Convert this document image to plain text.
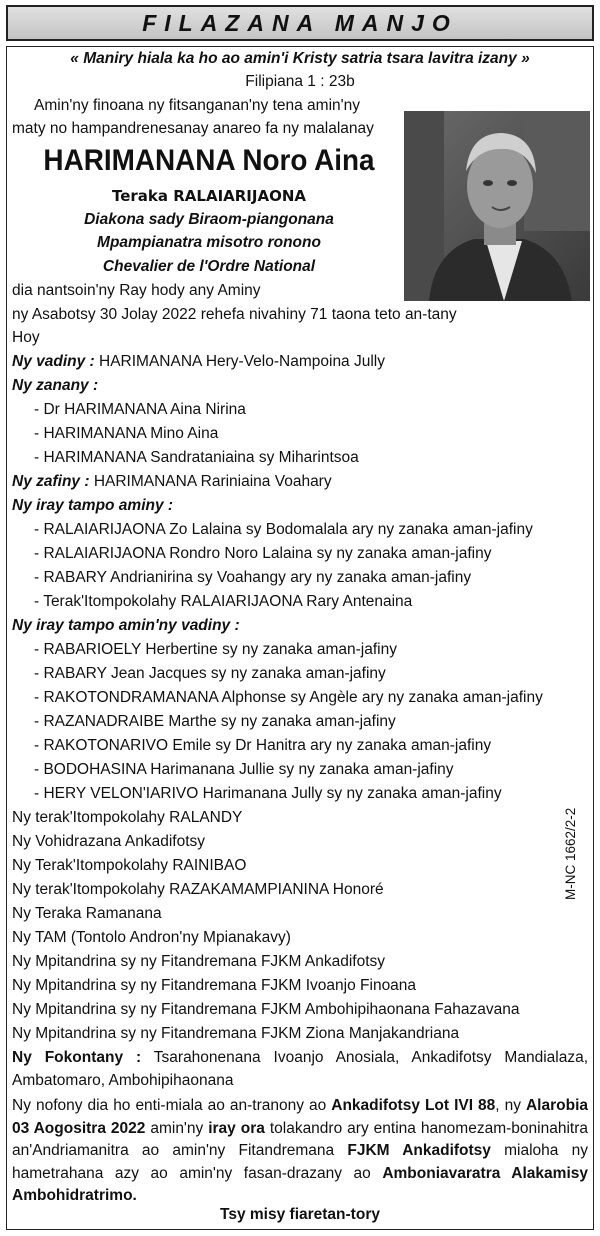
FILAZANA MANJO
« Maniry hiala ka ho ao amin'i Kristy satria tsara lavitra izany »
Filipiana 1 : 23b
Amin'ny finoana ny fitsanganan'ny tena amin'ny
maty no hampandrenesanay anareo fa ny malalanay
HARIMANANA Noro Aina
Teraka RALAIARIJAONA
Diakona sady Biraom-piangonana
Mpampianatra misotro ronono
Chevalier de l'Ordre National
dia nantsoin'ny Ray hody any Aminy
ny Asabotsy 30 Jolay 2022 rehefa nivahiny 71 taona teto an-tany
Hoy
Ny vadiny : HARIMANANA Hery-Velo-Nampoina Jully
Ny zanany :
- Dr HARIMANANA Aina Nirina
- HARIMANANA Mino Aina
- HARIMANANA Sandrataniaina sy Miharintsoa
Ny zafiny : HARIMANANA Rariniaina Voahary
Ny iray tampo aminy :
- RALAIARIJAONA Zo Lalaina sy Bodomalala ary ny zanaka aman-jafiny
- RALAIARIJAONA Rondro Noro Lalaina sy ny zanaka aman-jafiny
- RABARY Andrianirina sy Voahangy ary ny zanaka aman-jafiny
- Terak'Itompokolahy RALAIARIJAONA Rary Antenaina
Ny iray tampo amin'ny vadiny :
- RABARIOELY Herbertine sy ny zanaka aman-jafiny
- RABARY Jean Jacques sy ny zanaka aman-jafiny
- RAKOTONDRAMANANA Alphonse sy Angèle ary ny zanaka aman-jafiny
- RAZANADRAIBE Marthe sy ny zanaka aman-jafiny
- RAKOTONARIVO Emile sy Dr Hanitra ary ny zanaka aman-jafiny
- BODOHASINA Harimanana Jullie sy ny zanaka aman-jafiny
- HERY VELON'IARIVO Harimanana Jully sy ny zanaka aman-jafiny
Ny terak'Itompokolahy RALANDY
Ny Vohidrazana Ankadifotsy
Ny Terak'Itompokolahy RAINIBAO
Ny terak'Itompokolahy RAZAKAMAMPIANINA Honoré
Ny Teraka Ramanana
Ny TAM (Tontolo Andron'ny Mpianakavy)
Ny Mpitandrina sy ny Fitandremana FJKM Ankadifotsy
Ny Mpitandrina sy ny Fitandremana FJKM Ivoanjo Finoana
Ny Mpitandrina sy ny Fitandremana FJKM Ambohipihaonana Fahazavana
Ny Mpitandrina sy ny Fitandremana FJKM Ziona Manjakandriana
Ny Fokontany : Tsarahonenana Ivoanjo Anosiala, Ankadifotsy Mandialaza, Ambatomaro, Ambohipihaonana
Ny nofony dia ho enti-miala ao an-tranony ao Ankadifotsy Lot IVI 88, ny Alarobia 03 Aogositra 2022 amin'ny iray ora tolakandro ary entina hanomezam-boninahitra an'Andriamanitra ao amin'ny Fitandremana FJKM Ankadifotsy mialoha ny hametrahana azy ao amin'ny fasan-drazany ao Amboniavaratra Alakamisy Ambohidratrimo.
Tsy misy fiaretan-tory
M-NC 1662/2-2
